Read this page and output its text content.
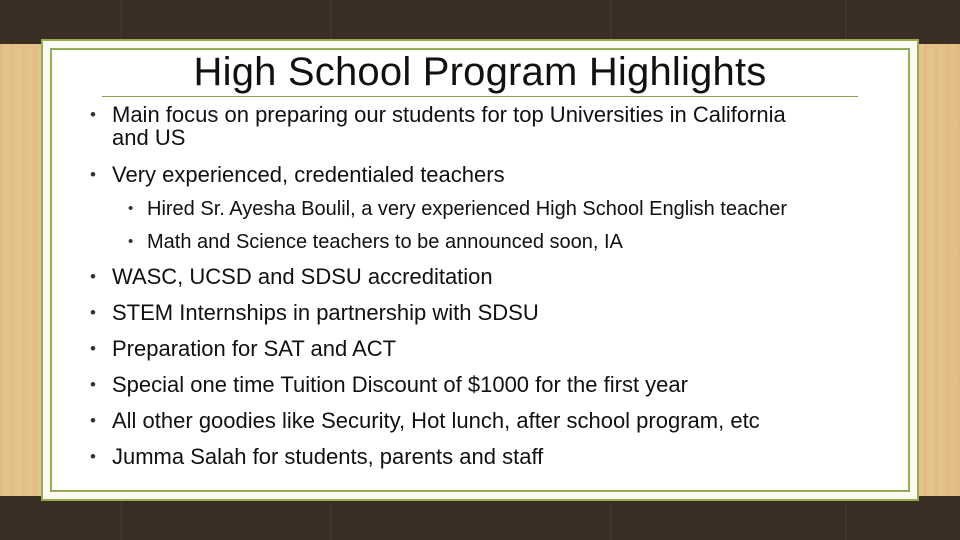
High School Program Highlights
• Main focus on preparing our students for top Universities in California
and US
• Very experienced, credentialed teachers
• Hired Sr. Ayesha Boulil, a very experienced High School English teacher
• Math and Science teachers to be announced soon, IA
• WASC, UCSD and SDSU accreditation
• STEM Internships in partnership with SDSU
• Preparation for SAT and ACT
• Special one time Tuition Discount of $1000 for the first year
• All other goodies like Security, Hot lunch, after school program, etc
• Jumma Salah for students, parents and staff
